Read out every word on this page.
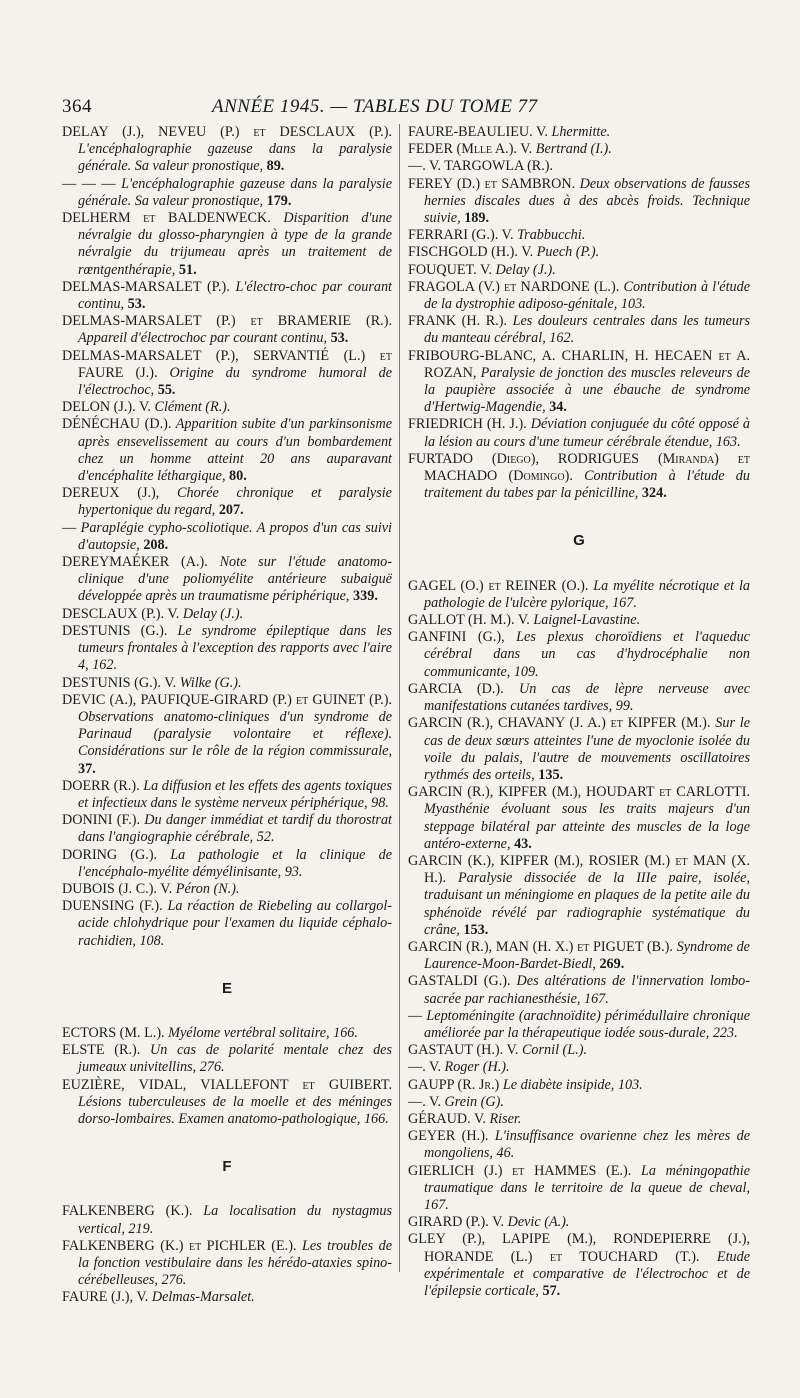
364	ANNÉE 1945. — TABLES DU TOME 77
DELAY (J.), NEVEU (P.) et DESCLAUX (P.). L'encéphalographie gazeuse dans la paralysie générale. Sa valeur pronostique, 89.
— — — L'encéphalographie gazeuse dans la paralysie générale. Sa valeur pronostique, 179.
DELHERM et BALDENWECK. Disparition d'une névralgie du glosso-pharyngien à type de la grande névralgie du trijumeau après un traitement de rœntgenthérapie, 51.
DELMAS-MARSALET (P.). L'électro-choc par courant continu, 53.
DELMAS-MARSALET (P.) et BRAMERIE (R.). Appareil d'électrochoc par courant continu, 53.
DELMAS-MARSALET (P.), SERVANTIÉ (L.) et FAURE (J.). Origine du syndrome humoral de l'électrochoc, 55.
DELON (J.). V. Clément (R.).
DÉNÉCHAU (D.). Apparition subite d'un parkinsonisme après ensevelissement au cours d'un bombardement chez un homme atteint 20 ans auparavant d'encéphalite léthargique, 80.
DEREUX (J.), Chorée chronique et paralysie hypertonique du regard, 207.
— Paraplégie cypho-scoliotique. A propos d'un cas suivi d'autopsie, 208.
DEREYMAÉKER (A.). Note sur l'étude anatomo-clinique d'une poliomyélite antérieure subaiguë développée après un traumatisme périphérique, 339.
DESCLAUX (P.). V. Delay (J.).
DESTUNIS (G.). Le syndrome épileptique dans les tumeurs frontales à l'exception des rapports avec l'aire 4, 162.
DESTUNIS (G.). V. Wilke (G.).
DEVIC (A.), PAUFIQUE-GIRARD (P.) et GUINET (P.). Observations anatomo-cliniques d'un syndrome de Parinaud (paralysie volontaire et réflexe). Considérations sur le rôle de la région commissurale, 37.
DOERR (R.). La diffusion et les effets des agents toxiques et infectieux dans le système nerveux périphérique, 98.
DONINI (F.). Du danger immédiat et tardif du thorostrat dans l'angiographie cérébrale, 52.
DORING (G.). La pathologie et la clinique de l'encéphalo-myélite démyélinisante, 93.
DUBOIS (J. C.). V. Péron (N.).
DUENSING (F.). La réaction de Riebeling au collargol-acide chlohydrique pour l'examen du liquide céphalo-rachidien, 108.
E
ECTORS (M. L.). Myélome vertébral solitaire, 166.
ELSTE (R.). Un cas de polarité mentale chez des jumeaux univitellins, 276.
EUZIÈRE, VIDAL, VIALLEFONT et GUIBERT. Lésions tuberculeuses de la moelle et des méninges dorso-lombaires. Examen anatomo-pathologique, 166.
F
FALKENBERG (K.). La localisation du nystagmus vertical, 219.
FALKENBERG (K.) et PICHLER (E.). Les troubles de la fonction vestibulaire dans les hérédo-ataxies spino-cérébelleuses, 276.
FAURE (J.), V. Delmas-Marsalet.
FAURE-BEAULIEU. V. Lhermitte.
FEDER (Mlle A.). V. Bertrand (I.).
—. V. TARGOWLA (R.).
FEREY (D.) et SAMBRON. Deux observations de fausses hernies discales dues à des abcès froids. Technique suivie, 189.
FERRARI (G.). V. Trabbucchi.
FISCHGOLD (H.). V. Puech (P.).
FOUQUET. V. Delay (J.).
FRAGOLA (V.) et NARDONE (L.). Contribution à l'étude de la dystrophie adiposo-génitale, 103.
FRANK (H. R.). Les douleurs centrales dans les tumeurs du manteau cérébral, 162.
FRIBOURG-BLANC, A. CHARLIN, H. HECAEN et A. ROZAN, Paralysie de jonction des muscles releveurs de la paupière associée à une ébauche de syndrome d'Hertwig-Magendie, 34.
FRIEDRICH (H. J.). Déviation conjuguée du côté opposé à la lésion au cours d'une tumeur cérébrale étendue, 163.
FURTADO (Diego), RODRIGUES (Miranda) et MACHADO (Domingo). Contribution à l'étude du traitement du tabes par la pénicilline, 324.
G
GAGEL (O.) et REINER (O.). La myélite nécrotique et la pathologie de l'ulcère pylorique, 167.
GALLOT (H. M.). V. Laignel-Lavastine.
GANFINI (G.), Les plexus choroïdiens et l'aqueduc cérébral dans un cas d'hydrocéphalie non communicante, 109.
GARCIA (D.). Un cas de lèpre nerveuse avec manifestations cutanées tardives, 99.
GARCIN (R.), CHAVANY (J. A.) et KIPFER (M.). Sur le cas de deux sœurs atteintes l'une de myoclonie isolée du voile du palais, l'autre de mouvements oscillatoires rythmés des orteils, 135.
GARCIN (R.), KIPFER (M.), HOUDART et CARLOTTI. Myasthénie évoluant sous les traits majeurs d'un steppage bilatéral par atteinte des muscles de la loge antéro-externe, 43.
GARCIN (K.), KIPFER (M.), ROSIER (M.) et MAN (X. H.). Paralysie dissociée de la IIIe paire, isolée, traduisant un méningiome en plaques de la petite aile du sphénoïde révélé par radiographie systématique du crâne, 153.
GARCIN (R.), MAN (H. X.) et PIGUET (B.). Syndrome de Laurence-Moon-Bardet-Biedl, 269.
GASTALDI (G.). Des altérations de l'innervation lombo-sacrée par rachianesthésie, 167.
— Leptoméningite (arachnoïdite) périmédullaire chronique améliorée par la thérapeutique iodée sous-durale, 223.
GASTAUT (H.). V. Cornil (L.).
—. V. Roger (H.).
GAUPP (R. Jr.) Le diabète insipide, 103.
—. V. Grein (G).
GÉRAUD. V. Riser.
GEYER (H.). L'insuffisance ovarienne chez les mères de mongoliens, 46.
GIERLICH (J.) et HAMMES (E.). La méningopathie traumatique dans le territoire de la queue de cheval, 167.
GIRARD (P.). V. Devic (A.).
GLEY (P.), LAPIPE (M.), RONDEPIERRE (J.), HORANDE (L.) et TOUCHARD (T.). Etude expérimentale et comparative de l'électrochoc et de l'épilepsie corticale, 57.
